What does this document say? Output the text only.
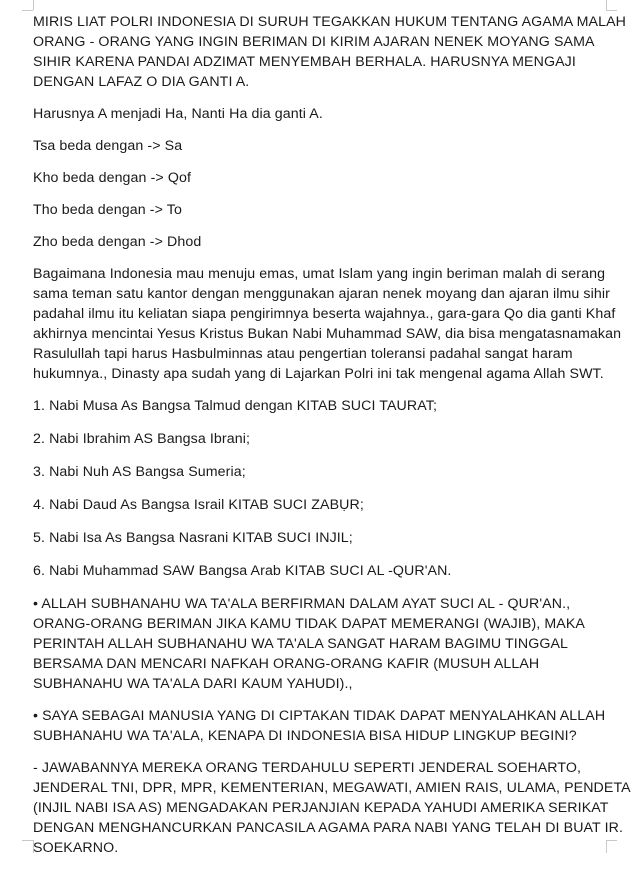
MIRIS LIAT POLRI INDONESIA DI SURUH TEGAKKAN HUKUM TENTANG AGAMA MALAH ORANG - ORANG YANG INGIN BERIMAN DI KIRIM AJARAN NENEK MOYANG SAMA SIHIR KARENA PANDAI ADZIMAT MENYEMBAH BERHALA. HARUSNYA MENGAJI DENGAN LAFAZ O DIA GANTI A.

Harusnya A menjadi Ha, Nanti Ha dia ganti A.

Tsa beda dengan -> Sa

Kho beda dengan -> Qof

Tho beda dengan -> To

Zho beda dengan -> Dhod

Bagaimana Indonesia mau menuju emas, umat Islam yang ingin beriman malah di serang sama teman satu kantor dengan menggunakan ajaran nenek moyang dan ajaran ilmu sihir padahal ilmu itu keliatan siapa pengirimnya beserta wajahnya., gara-gara Qo dia ganti Khaf akhirnya mencintai Yesus Kristus Bukan Nabi Muhammad SAW, dia bisa mengatasnamakan Rasulullah tapi harus Hasbulminnas atau pengertian toleransi padahal sangat haram hukumnya., Dinasty apa sudah yang di Lajarkan Polri ini tak mengenal agama Allah SWT.

1. Nabi Musa As Bangsa Talmud dengan KITAB SUCI TAURAT;

2. Nabi Ibrahim AS Bangsa Ibrani;

3. Nabi Nuh AS Bangsa Sumeria;

4. Nabi Daud As Bangsa Israil KITAB SUCI ZABỤR;

5. Nabi Isa As Bangsa Nasrani KITAB SUCI INJIL;

6. Nabi Muhammad SAW Bangsa Arab KITAB SUCI AL -QUR'AN.

• ALLAH SUBHANAHU WA TA'ALA BERFIRMAN DALAM AYAT SUCI AL - QUR'AN., ORANG-ORANG BERIMAN JIKA KAMU TIDAK DAPAT MEMERANGI (WAJIB), MAKA PERINTAH ALLAH SUBHANAHU WA TA'ALA SANGAT HARAM BAGIMU TINGGAL BERSAMA DAN MENCARI NAFKAH ORANG-ORANG KAFIR (MUSUH ALLAH SUBHANAHU WA TA'ALA DARI KAUM YAHUDI).,

• SAYA SEBAGAI MANUSIA YANG DI CIPTAKAN TIDAK DAPAT MENYALAHKAN ALLAH SUBHANAHU WA TA'ALA, KENAPA DI INDONESIA BISA HIDUP LINGKUP BEGINI?

- JAWABANNYA MEREKA ORANG TERDAHULU SEPERTI JENDERAL SOEHARTO, JENDERAL TNI, DPR, MPR, KEMENTERIAN, MEGAWATI, AMIEN RAIS, ULAMA, PENDETA (INJIL NABI ISA AS) MENGADAKAN PERJANJIAN KEPADA YAHUDI AMERIKA SERIKAT DENGAN MENGHANCURKAN PANCASILA AGAMA PARA NABI YANG TELAH DI BUAT IR. SOEKARNO.
